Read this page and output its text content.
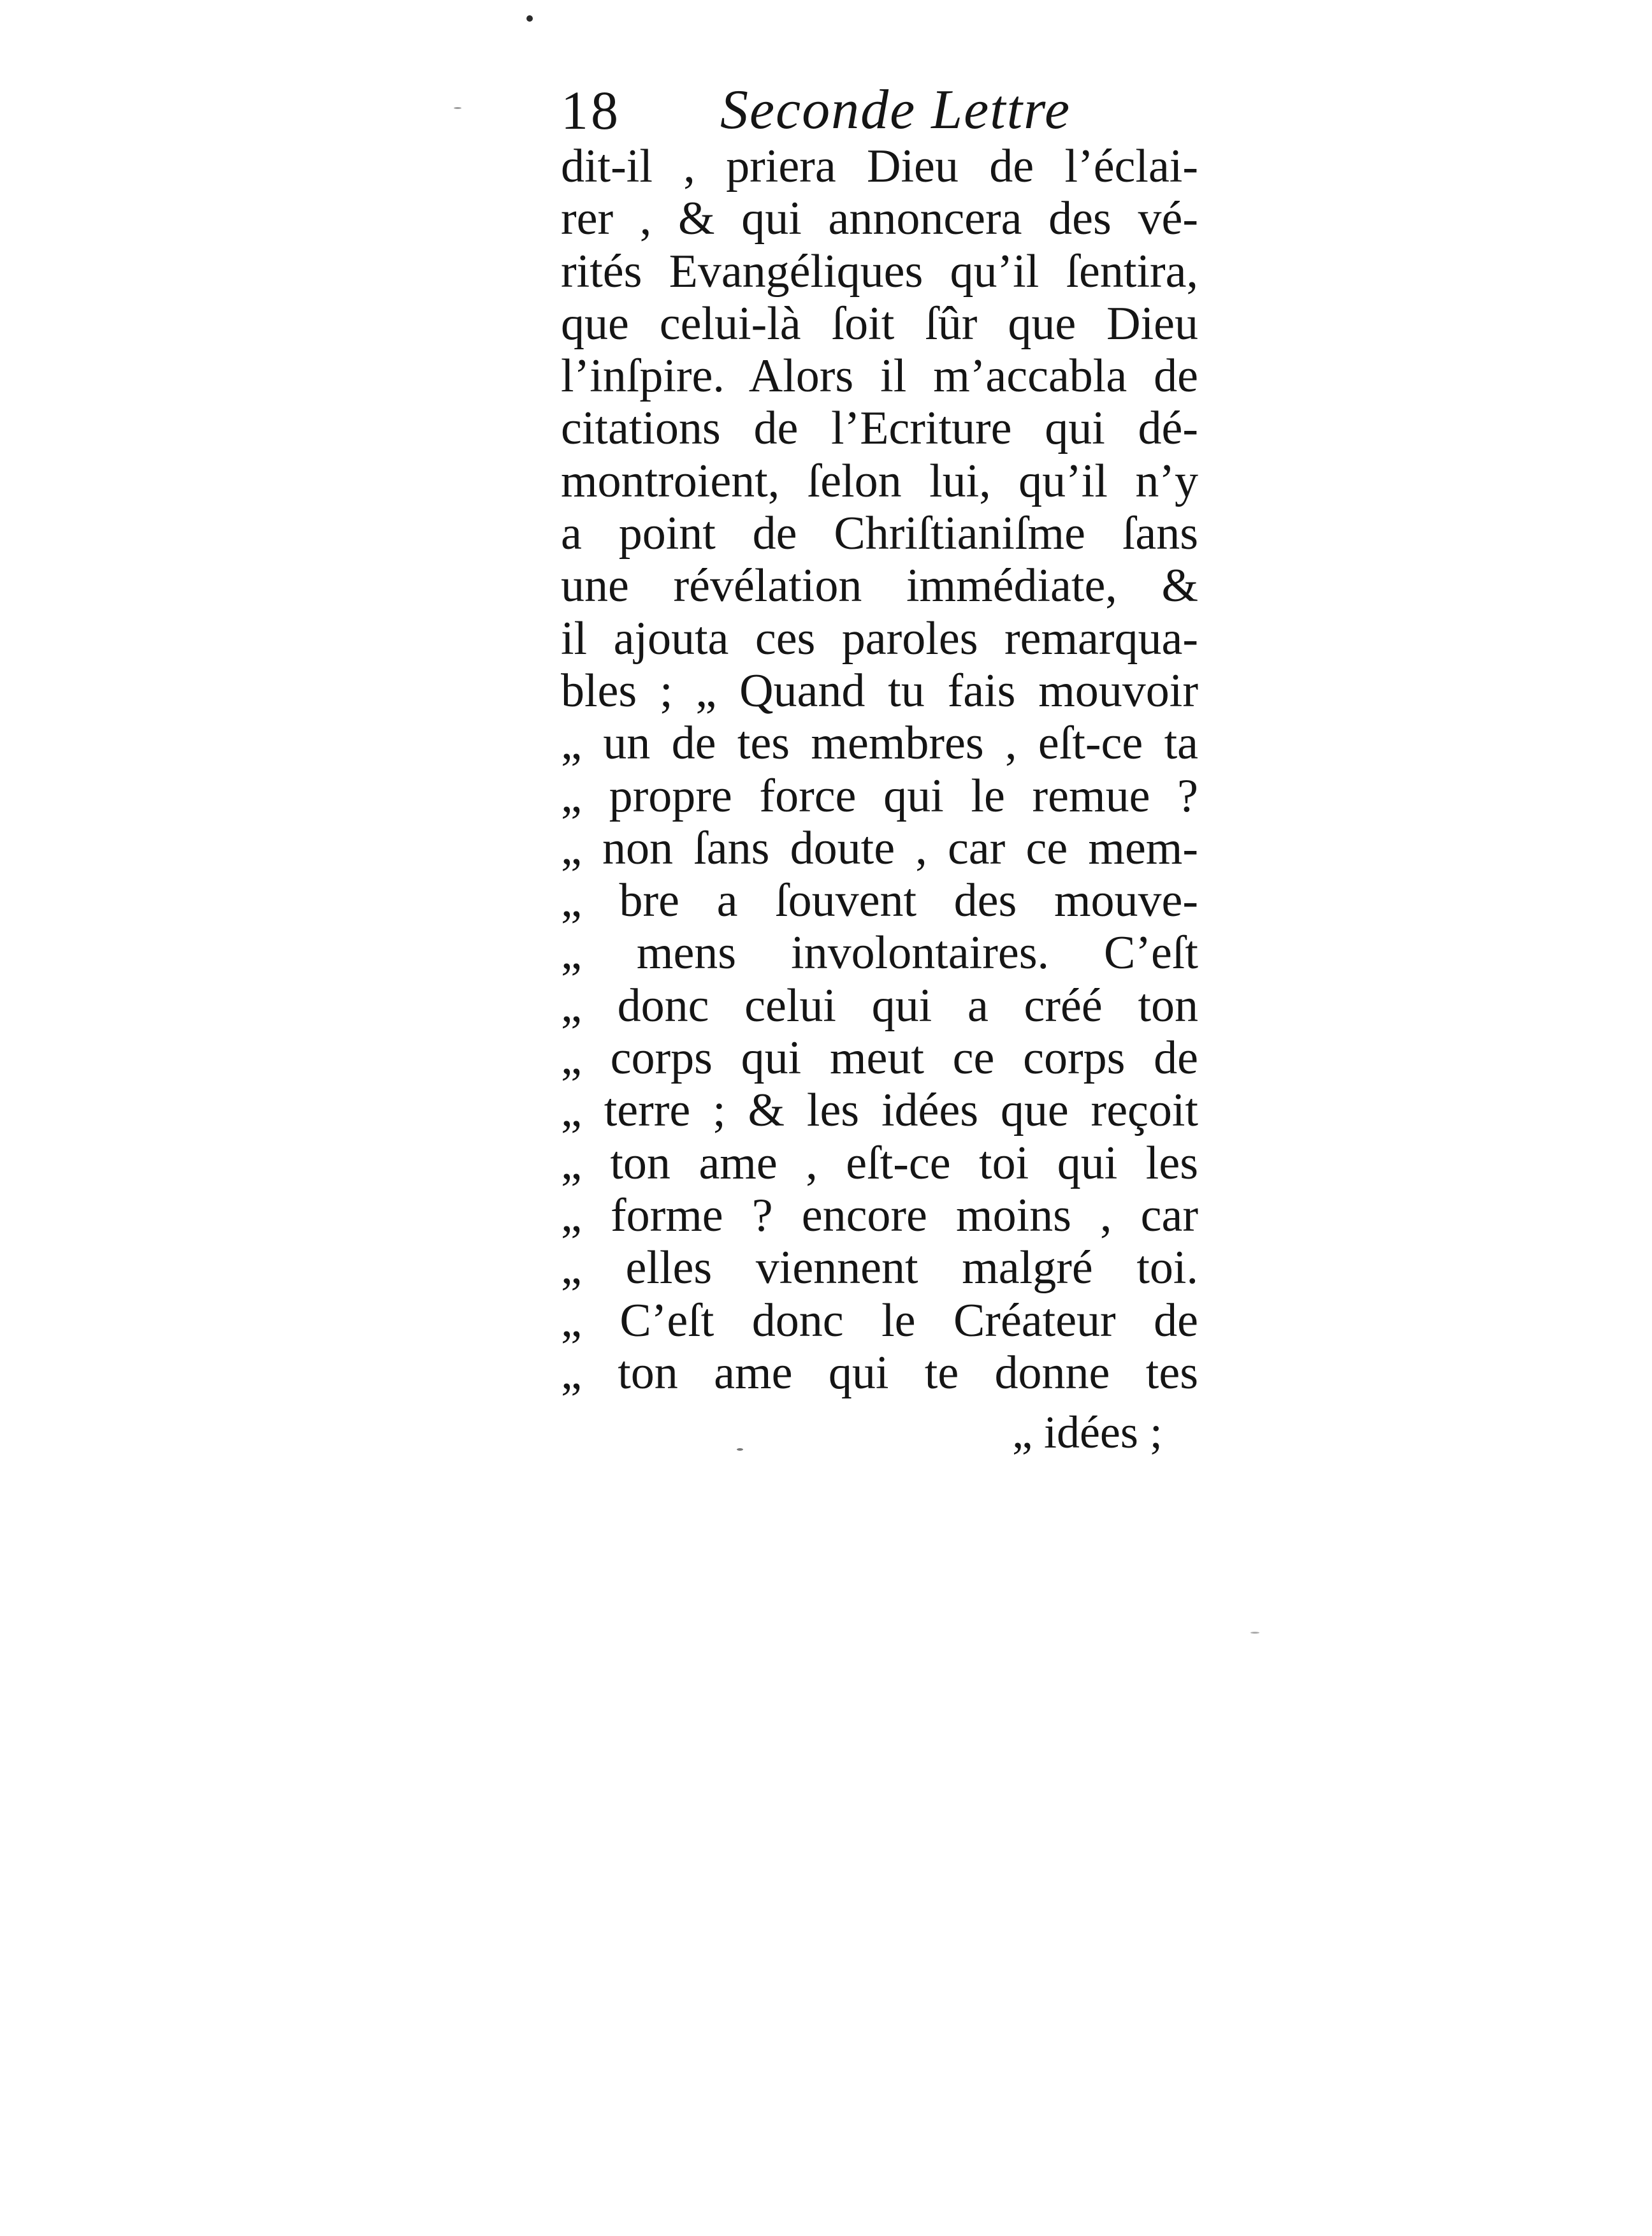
18 Seconde Lettre
dit-il , priera Dieu de l’éclai-
rer , & qui annoncera des vé-
rités Evangéliques qu’il ſentira,
que celui-là ſoit ſûr que Dieu
l’inſpire. Alors il m’accabla de
citations de l’Ecriture qui dé-
montroient, ſelon lui, qu’il n’y
a point de Chriſtianiſme ſans
une révélation immédiate, &
il ajouta ces paroles remarqua-
bles ; „ Quand tu fais mouvoir
„ un de tes membres , eſt-ce ta
„ propre force qui le remue ?
„ non ſans doute , car ce mem-
„ bre a ſouvent des mouve-
„ mens involontaires. C’eſt
„ donc celui qui a créé ton
„ corps qui meut ce corps de
„ terre ; & les idées que reçoit
„ ton ame , eſt-ce toi qui les
„ forme ? encore moins , car
„ elles viennent malgré toi.
„ C’eſt donc le Créateur de
„ ton ame qui te donne tes
„ idées ;
